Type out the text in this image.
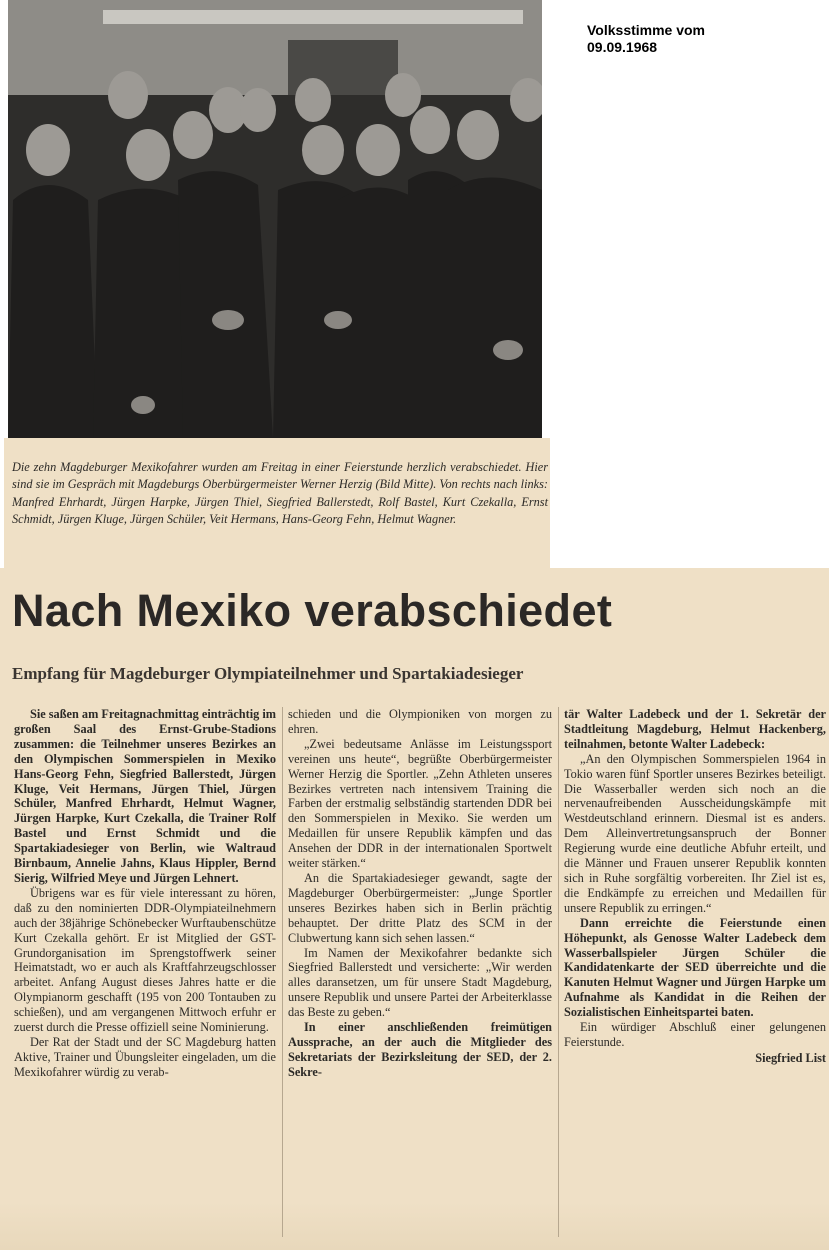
Volksstimme vom
09.09.1968
Die zehn Magdeburger Mexikofahrer wurden am Freitag in einer Feierstunde herzlich verabschiedet. Hier sind sie im Gespräch mit Magdeburgs Oberbürgermeister Werner Herzig (Bild Mitte). Von rechts nach links: Manfred Ehrhardt, Jürgen Harpke, Jürgen Thiel, Siegfried Ballerstedt, Rolf Bastel, Kurt Czekalla, Ernst Schmidt, Jürgen Kluge, Jürgen Schüler, Veit Hermans, Hans-Georg Fehn, Helmut Wagner.
Nach Mexiko verabschiedet
Empfang für Magdeburger Olympiateilnehmer und Spartakiadesieger

Sie saßen am Freitagnachmittag einträchtig im großen Saal des Ernst-Grube-Stadions zusammen: die Teilnehmer unseres Bezirkes an den Olympischen Sommerspielen in Mexiko Hans-Georg Fehn, Siegfried Ballerstedt, Jürgen Kluge, Veit Hermans, Jürgen Thiel, Jürgen Schüler, Manfred Ehrhardt, Helmut Wagner, Jürgen Harpke, Kurt Czekalla, die Trainer Rolf Bastel und Ernst Schmidt und die Spartakiadesieger von Berlin, wie Waltraud Birnbaum, Annelie Jahns, Klaus Hippler, Bernd Sierig, Wilfried Meye und Jürgen Lehnert.

Übrigens war es für viele interessant zu hören, daß zu den nominierten DDR-Olympiateilnehmern auch der 38jährige Schönebecker Wurftaubenschütze Kurt Czekalla gehört. Er ist Mitglied der GST-Grundorganisation im Sprengstoffwerk seiner Heimatstadt, wo er auch als Kraftfahrzeugschlosser arbeitet. Anfang August dieses Jahres hatte er die Olympianorm geschafft (195 von 200 Tontauben zu schießen), und am vergangenen Mittwoch erfuhr er zuerst durch die Presse offiziell seine Nominierung.

Der Rat der Stadt und der SC Magdeburg hatten Aktive, Trainer und Übungsleiter eingeladen, um die Mexikofahrer würdig zu verab-

schieden und die Olympioniken von morgen zu ehren.

„Zwei bedeutsame Anlässe im Leistungssport vereinen uns heute“, begrüßte Oberbürgermeister Werner Herzig die Sportler. „Zehn Athleten unseres Bezirkes vertreten nach intensivem Training die Farben der erstmalig selbständig startenden DDR bei den Sommerspielen in Mexiko. Sie werden um Medaillen für unsere Republik kämpfen und das Ansehen der DDR in der internationalen Sportwelt weiter stärken.“

An die Spartakiadesieger gewandt, sagte der Magdeburger Oberbürgermeister: „Junge Sportler unseres Bezirkes haben sich in Berlin prächtig behauptet. Der dritte Platz des SCM in der Clubwertung kann sich sehen lassen.“

Im Namen der Mexikofahrer bedankte sich Siegfried Ballerstedt und versicherte: „Wir werden alles daransetzen, um für unsere Stadt Magdeburg, unsere Republik und unsere Partei der Arbeiterklasse das Beste zu geben.“

In einer anschließenden freimütigen Aussprache, an der auch die Mitglieder des Sekretariats der Bezirksleitung der SED, der 2. Sekre-

tär Walter Ladebeck und der 1. Sekretär der Stadtleitung Magdeburg, Helmut Hackenberg, teilnahmen, betonte Walter Ladebeck:

„An den Olympischen Sommerspielen 1964 in Tokio waren fünf Sportler unseres Bezirkes beteiligt. Die Wasserballer werden sich noch an die nervenaufreibenden Ausscheidungskämpfe mit Westdeutschland erinnern. Diesmal ist es anders. Dem Alleinvertretungsanspruch der Bonner Regierung wurde eine deutliche Abfuhr erteilt, und die Männer und Frauen unserer Republik konnten sich in Ruhe sorgfältig vorbereiten. Ihr Ziel ist es, die Endkämpfe zu erreichen und Medaillen für unsere Republik zu erringen.“

Dann erreichte die Feierstunde einen Höhepunkt, als Genosse Walter Ladebeck dem Wasserballspieler Jürgen Schüler die Kandidatenkarte der SED überreichte und die Kanuten Helmut Wagner und Jürgen Harpke um Aufnahme als Kandidat in die Reihen der Sozialistischen Einheitspartei baten.

Ein würdiger Abschluß einer gelungenen Feierstunde.

Siegfried List
